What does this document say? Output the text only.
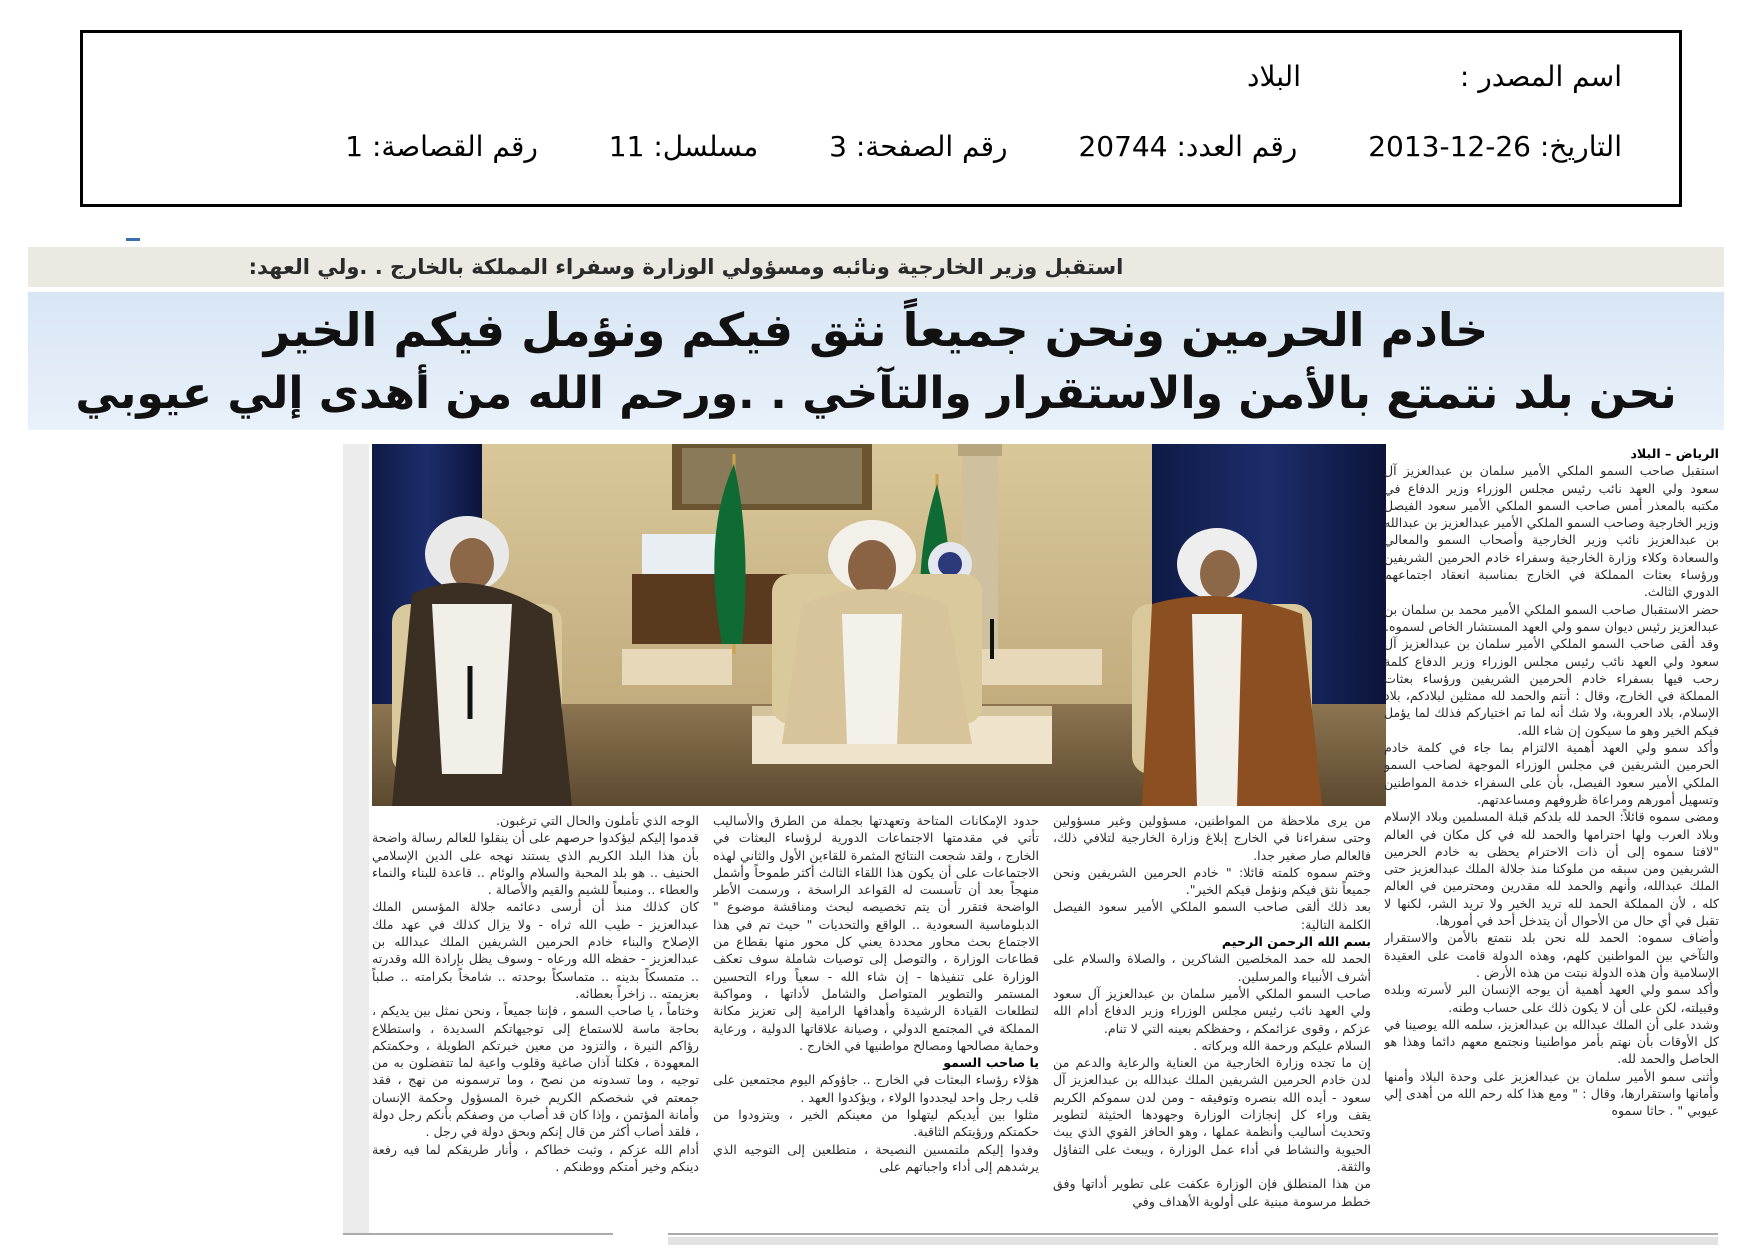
اسم المصدر : البلاد
التاريخ: 2013-12-26 رقم العدد: 20744 رقم الصفحة: 3 مسلسل: 11 رقم القصاصة: 1
استقبل وزير الخارجية ونائبه ومسؤولي الوزارة وسفراء المملكة بالخارج . .ولي العهد:
خادم الحرمين ونحن جميعاً نثق فيكم ونؤمل فيكم الخير
نحن بلد نتمتع بالأمن والاستقرار والتآخي . .ورحم الله من أهدى إلي عيوبي

الرياض – البلاد

استقبل صاحب السمو الملكي الأمير سلمان بن عبدالعزيز آل سعود ولي العهد نائب رئيس مجلس الوزراء وزير الدفاع في مكتبه بالمعذر أمس صاحب السمو الملكي الأمير سعود الفيصل وزير الخارجية وصاحب السمو الملكي الأمير عبدالعزيز بن عبدالله بن عبدالعزيز نائب وزير الخارجية وأصحاب السمو والمعالي والسعادة وكلاء وزارة الخارجية وسفراء خادم الحرمين الشريفين ورؤساء بعثات المملكة في الخارج بمناسبة انعقاد اجتماعهم الدوري الثالث.

حضر الاستقبال صاحب السمو الملكي الأمير محمد بن سلمان بن عبدالعزيز رئيس ديوان سمو ولي العهد المستشار الخاص لسموه.

وقد ألقى صاحب السمو الملكي الأمير سلمان بن عبدالعزيز آل سعود ولي العهد نائب رئيس مجلس الوزراء وزير الدفاع كلمة رحب فيها بسفراء خادم الحرمين الشريفين ورؤساء بعثات المملكة في الخارج، وقال : أنتم والحمد لله ممثلين لبلادكم، بلاد الإسلام، بلاد العروبة، ولا شك أنه لما تم اختياركم فذلك لما يؤمل فيكم الخير وهو ما سيكون إن شاء الله.

وأكد سمو ولي العهد أهمية الالتزام بما جاء في كلمة خادم الحرمين الشريفين في مجلس الوزراء الموجهة لصاحب السمو الملكي الأمير سعود الفيصل، بأن على السفراء خدمة المواطنين وتسهيل أمورهم ومراعاة ظروفهم ومساعدتهم.

ومضى سموه قائلاً: الحمد لله بلدكم قبلة المسلمين وبلاد الإسلام وبلاد العرب ولها احترامها والحمد لله في كل مكان في العالم "لافتا سموه إلى أن ذات الاحترام يحظى به خادم الحرمين الشريفين ومن سبقه من ملوكنا منذ جلالة الملك عبدالعزيز حتى الملك عبدالله، وأنهم والحمد لله مقدرين ومحترمين في العالم كله ، لأن المملكة الحمد لله تريد الخير ولا تريد الشر، لكنها لا تقبل في أي حال من الأحوال أن يتدخل أحد في أمورها.

وأضاف سموه: الحمد لله نحن بلد نتمتع بالأمن والاستقرار والتآخي بين المواطنين كلهم، وهذه الدولة قامت على العقيدة الإسلامية وأن هذه الدولة نبتت من هذه الأرض .

وأكد سمو ولي العهد أهمية أن يوجه الإنسان البر لأسرته وبلده وقبيلته، لكن على أن لا يكون ذلك على حساب وطنه.

وشدد على أن الملك عبدالله بن عبدالعزيز، سلمه الله يوصينا في كل الأوقات بأن نهتم بأمر مواطنينا ونجتمع معهم دائما وهذا هو الحاصل والحمد لله.

وأثنى سمو الأمير سلمان بن عبدالعزيز على وحدة البلاد وأمنها وأمانها واستقرارها، وقال : " ومع هذا كله رحم الله من أهدى إلي عيوبي " . حاثا سموه

من يرى ملاحظة من المواطنين، مسؤولين وغير مسؤولين وحتى سفراءنا في الخارج إبلاغ وزارة الخارجية لتلافي ذلك، فالعالم صار صغير جدا.

وختم سموه كلمته قائلا: " خادم الحرمين الشريفين ونحن جميعاً نثق فيكم ونؤمل فيكم الخير".

بعد ذلك ألقى صاحب السمو الملكي الأمير سعود الفيصل الكلمة التالية:

بسم الله الرحمن الرحيم

الحمد لله حمد المخلصين الشاكرين ، والصلاة والسلام على أشرف الأنبياء والمرسلين.

صاحب السمو الملكي الأمير سلمان بن عبدالعزيز آل سعود ولي العهد نائب رئيس مجلس الوزراء وزير الدفاع أدام الله عزكم ، وقوى عزائمكم ، وحفظكم بعينه التي لا تنام.

السلام عليكم ورحمة الله وبركاته .

إن ما تجده وزارة الخارجية من العناية والرعاية والدعم من لدن خادم الحرمين الشريفين الملك عبدالله بن عبدالعزيز آل سعود - أيده الله بنصره وتوفيقه - ومن لدن سموكم الكريم يقف وراء كل إنجازات الوزارة وجهودها الحثيثة لتطوير وتحديث أساليب وأنظمة عملها ، وهو الحافز القوي الذي يبث الحيوية والنشاط في أداء عمل الوزارة ، ويبعث على التفاؤل والثقة.

من هذا المنطلق فإن الوزارة عكفت على تطوير أداتها وفق خطط مرسومة مبنية على أولوية الأهداف وفي

حدود الإمكانات المتاحة وتعهدتها بجملة من الطرق والأساليب تأتي في مقدمتها الاجتماعات الدورية لرؤساء البعثات في الخارج ، ولقد شجعت النتائج المثمرة للقاءين الأول والثاني لهذه الاجتماعات على أن يكون هذا اللقاء الثالث أكثر طموحاً وأشمل منهجاً بعد أن تأسست له القواعد الراسخة ، ورسمت الأطر الواضحة فتقرر أن يتم تخصيصه لبحث ومناقشة موضوع " الدبلوماسية السعودية .. الواقع والتحديات " حيث تم في هذا الاجتماع بحث محاور محددة يعني كل محور منها بقطاع من قطاعات الوزارة ، والتوصل إلى توصيات شاملة سوف تعكف الوزارة على تنفيذها - إن شاء الله - سعياً وراء التحسين المستمر والتطوير المتواصل والشامل لأداتها ، ومواكبة لتطلعات القيادة الرشيدة وأهدافها الرامية إلى تعزيز مكانة المملكة في المجتمع الدولي ، وصيانة علاقاتها الدولية ، ورعاية وحماية مصالحها ومصالح مواطنيها في الخارج .

يا صاحب السمو

هؤلاء رؤساء البعثات في الخارج .. جاؤوكم اليوم مجتمعين على قلب رجل واحد ليجددوا الولاء ، ويؤكدوا العهد .

مثلوا بين أيديكم ليتهلوا من معينكم الخير ، ويتزودوا من حكمتكم ورؤيتكم الثاقبة.

وفدوا إليكم ملتمسين النصيحة ، متطلعين إلى التوجيه الذي يرشدهم إلى أداء واجباتهم على

الوجه الذي تأملون والحال التي ترغبون.

قدموا إليكم ليؤكدوا حرصهم على أن ينقلوا للعالم رسالة واضحة بأن هذا البلد الكريم الذي يستند نهجه على الدين الإسلامي الحنيف .. هو بلد المحبة والسلام والوئام .. قاعدة للبناء والنماء والعطاء .. ومنبعاً للشيم والقيم والأصالة .

كان كذلك منذ أن أرسى دعائمه جلالة المؤسس الملك عبدالعزيز - طيب الله ثراه - ولا يزال كذلك في عهد ملك الإصلاح والبناء خادم الحرمين الشريفين الملك عبدالله بن عبدالعزيز - حفظه الله ورعاه - وسوف يظل بإرادة الله وقدرته .. متمسكاً بدينه .. متماسكاً بوحدته .. شامخاً بكرامته .. صلباً بعزيمته .. زاخراً بعطائه.

وختاماً ، يا صاحب السمو ، فإننا جميعاً ، ونحن نمثل بين يديكم ، بحاجة ماسة للاستماع إلى توجيهاتكم السديدة ، واستطلاع رؤاكم النيرة ، والتزود من معين خبرتكم الطويلة ، وحكمتكم المعهودة ، فكلنا آذان صاغية وقلوب واعية لما تتفضلون به من توجيه ، وما تسدونه من نصح ، وما ترسمونه من نهج ، فقد جمعتم في شخصكم الكريم خبرة المسؤول وحكمة الإنسان وأمانة المؤتمن ، وإذا كان قد أصاب من وصفكم بأنكم رجل دولة ، فلقد أصاب أكثر من قال إنكم وبحق دولة في رجل .

أدام الله عزكم ، وثبت خطاكم ، وأنار طريقكم لما فيه رفعة دينكم وخير أمتكم ووطنكم .
